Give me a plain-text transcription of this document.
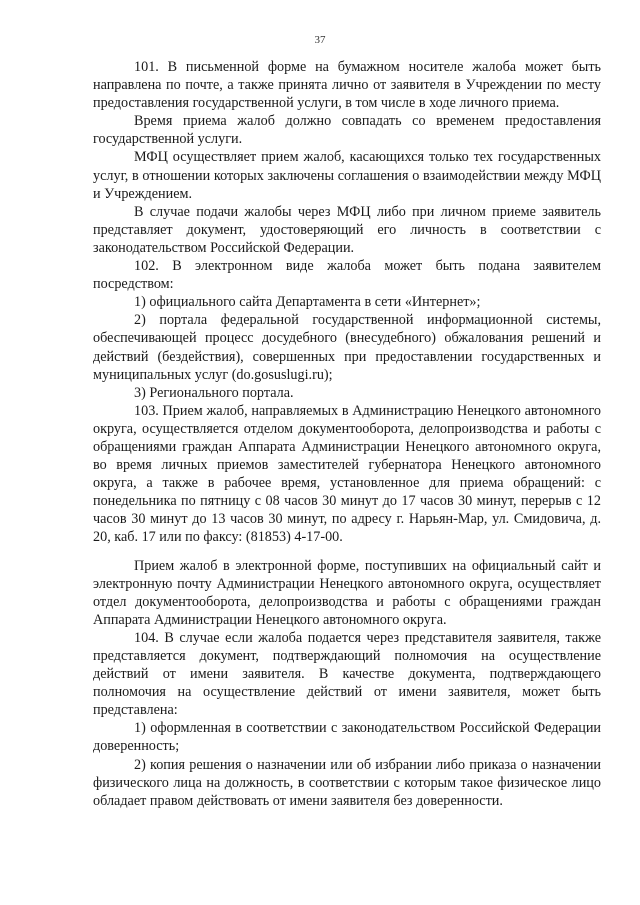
37

101. В письменной форме на бумажном носителе жалоба может быть направлена по почте, а также принята лично от заявителя в Учреждении по месту предоставления государственной услуги, в том числе в ходе личного приема.

Время приема жалоб должно совпадать со временем предоставления государственной услуги.

МФЦ осуществляет прием жалоб, касающихся только тех государственных услуг, в отношении которых заключены соглашения о взаимодействии между МФЦ и Учреждением.

В случае подачи жалобы через МФЦ либо при личном приеме заявитель представляет документ, удостоверяющий его личность в соответствии с законодательством Российской Федерации.

102. В электронном виде жалоба может быть подана заявителем посредством:

1) официального сайта Департамента в сети «Интернет»;

2) портала федеральной государственной информационной системы, обеспечивающей процесс досудебного (внесудебного) обжалования решений и действий (бездействия), совершенных при предоставлении государственных и муниципальных услуг (do.gosuslugi.ru);

3) Регионального портала.

103. Прием жалоб, направляемых в Администрацию Ненецкого автономного округа, осуществляется отделом документооборота, делопроизводства и работы с обращениями граждан Аппарата Администрации Ненецкого автономного округа, во время личных приемов заместителей губернатора Ненецкого автономного округа, а также в рабочее время, установленное для приема обращений: с понедельника по пятницу с 08 часов 30 минут до 17 часов 30 минут, перерыв с 12 часов 30 минут до 13 часов 30 минут, по адресу г. Нарьян-Мар, ул. Смидовича, д. 20, каб. 17 или по факсу: (81853) 4-17-00.

Прием жалоб в электронной форме, поступивших на официальный сайт и электронную почту Администрации Ненецкого автономного округа, осуществляет отдел документооборота, делопроизводства и работы с обращениями граждан Аппарата Администрации Ненецкого автономного округа.

104. В случае если жалоба подается через представителя заявителя, также представляется документ, подтверждающий полномочия на осуществление действий от имени заявителя. В качестве документа, подтверждающего полномочия на осуществление действий от имени заявителя, может быть представлена:

1) оформленная в соответствии с законодательством Российской Федерации доверенность;

2) копия решения о назначении или об избрании либо приказа о назначении физического лица на должность, в соответствии с которым такое физическое лицо обладает правом действовать от имени заявителя без доверенности.
